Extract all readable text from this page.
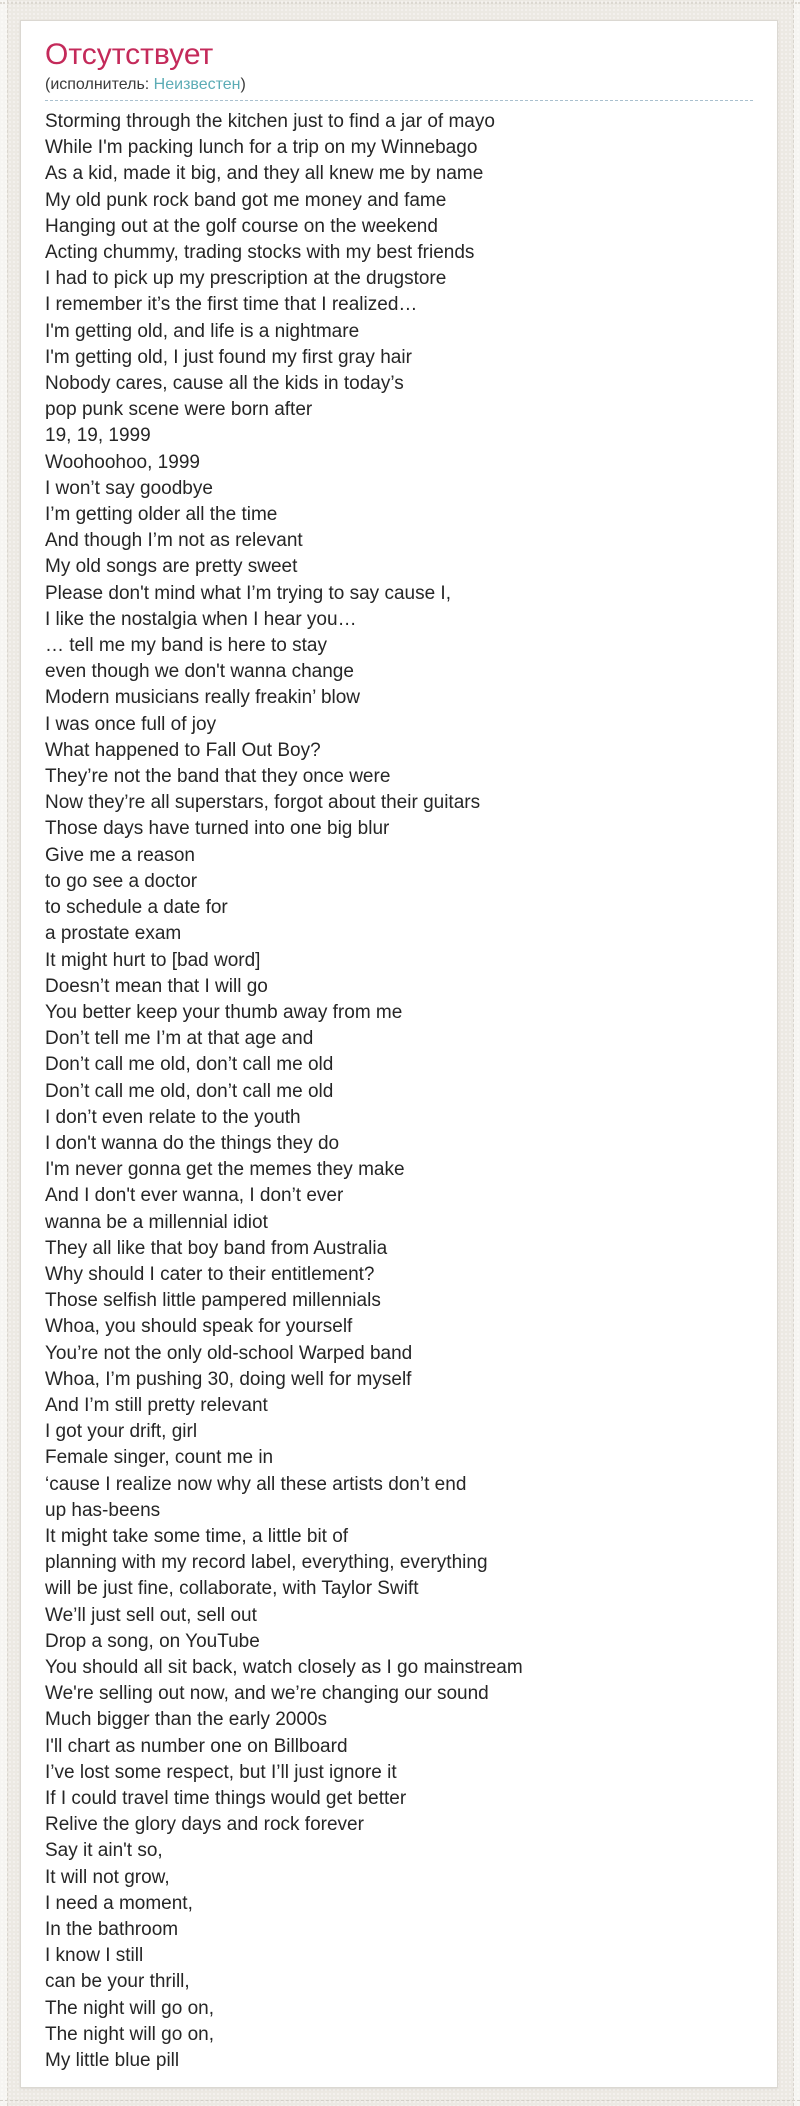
Отсутствует
(исполнитель: Неизвестен)
Storming through the kitchen just to find a jar of mayo
While I'm packing lunch for a trip on my Winnebago
As a kid, made it big, and they all knew me by name
My old punk rock band got me money and fame
Hanging out at the golf course on the weekend
Acting chummy, trading stocks with my best friends
I had to pick up my prescription at the drugstore
I remember it’s the first time that I realized…
I'm getting old, and life is a nightmare
I'm getting old, I just found my first gray hair
Nobody cares, cause all the kids in today’s
pop punk scene were born after
19, 19, 1999
Woohoohoo, 1999
I won’t say goodbye
I’m getting older all the time
And though I’m not as relevant
My old songs are pretty sweet
Please don't mind what I’m trying to say cause I,
I like the nostalgia when I hear you…
… tell me my band is here to stay
even though we don't wanna change
Modern musicians really freakin’ blow
I was once full of joy
What happened to Fall Out Boy?
They’re not the band that they once were
Now they’re all superstars, forgot about their guitars
Those days have turned into one big blur
Give me a reason
to go see a doctor
to schedule a date for
a prostate exam
It might hurt to [bad word]
Doesn’t mean that I will go
You better keep your thumb away from me
Don’t tell me I’m at that age and
Don’t call me old, don’t call me old
Don’t call me old, don’t call me old
I don’t even relate to the youth
I don't wanna do the things they do
I'm never gonna get the memes they make
And I don't ever wanna, I don’t ever
wanna be a millennial idiot
They all like that boy band from Australia
Why should I cater to their entitlement?
Those selfish little pampered millennials
Whoa, you should speak for yourself
You’re not the only old-school Warped band
Whoa, I’m pushing 30, doing well for myself
And I’m still pretty relevant
I got your drift, girl
Female singer, count me in
‘cause I realize now why all these artists don’t end
up has-beens
It might take some time, a little bit of
planning with my record label, everything, everything
will be just fine, collaborate, with Taylor Swift
We’ll just sell out, sell out
Drop a song, on YouTube
You should all sit back, watch closely as I go mainstream
We're selling out now, and we’re changing our sound
Much bigger than the early 2000s
I'll chart as number one on Billboard
I’ve lost some respect, but I’ll just ignore it
If I could travel time things would get better
Relive the glory days and rock forever
Say it ain't so,
It will not grow,
I need a moment,
In the bathroom
I know I still
can be your thrill,
The night will go on,
The night will go on,
My little blue pill
